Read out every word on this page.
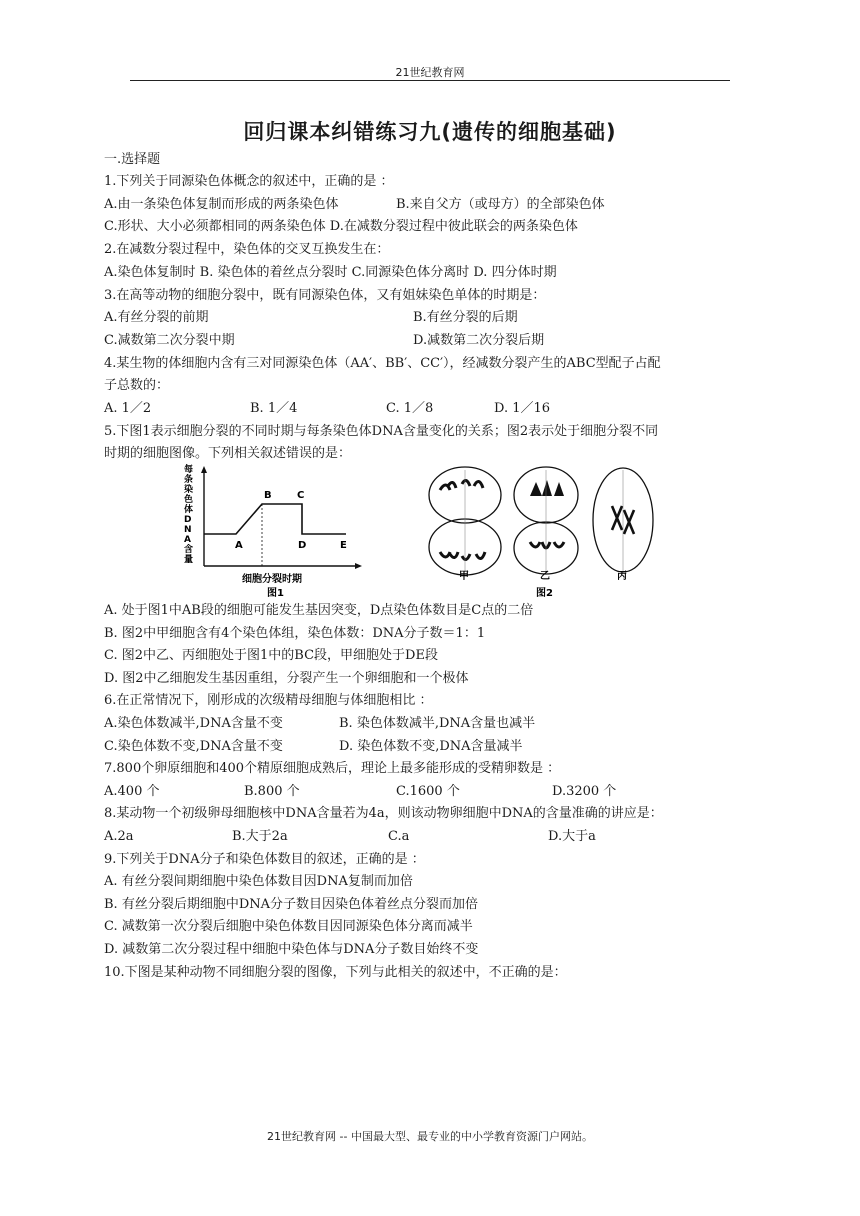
21世纪教育网
回归课本纠错练习九(遗传的细胞基础)
一.选择题
1.下列关于同源染色体概念的叙述中，正确的是 ：
A.由一条染色体复制而形成的两条染色体	B.来自父方（或母方）的全部染色体
C.形状、大小必须都相同的两条染色体 D.在减数分裂过程中彼此联会的两条染色体
2.在减数分裂过程中，染色体的交叉互换发生在：
A.染色体复制时 B. 染色体的着丝点分裂时 C.同源染色体分离时 D. 四分体时期
3.在高等动物的细胞分裂中，既有同源染色体，又有姐妹染色单体的时期是：
A.有丝分裂的前期	B.有丝分裂的后期
C.减数第二次分裂中期	D.减数第二次分裂后期
4.某生物的体细胞内含有三对同源染色体（AA′、BB′、CC′），经减数分裂产生的ABC型配子占配
子总数的：
A. 1／2	B. 1／4	C. 1／8	D. 1／16
5.下图1表示细胞分裂的不同时期与每条染色体DNA含量变化的关系；图2表示处于细胞分裂不同
时期的细胞图像。下列相关叙述错误的是：
每
条
染
色
体
D
N
A
含
量
A
B	C
D	E
细胞分裂时期
图1
甲	乙	丙
图2
A. 处于图1中AB段的细胞可能发生基因突变，D点染色体数目是C点的二倍
B. 图2中甲细胞含有4个染色体组，染色体数：DNA分子数＝1：1
C. 图2中乙、丙细胞处于图1中的BC段，甲细胞处于DE段
D. 图2中乙细胞发生基因重组，分裂产生一个卵细胞和一个极体
6.在正常情况下，刚形成的次级精母细胞与体细胞相比 ：
A.染色体数减半,DNA含量不变	B. 染色体数减半,DNA含量也减半
C.染色体数不变,DNA含量不变	D. 染色体数不变,DNA含量减半
7.800个卵原细胞和400个精原细胞成熟后，理论上最多能形成的受精卵数是 ：
A.400 个	B.800 个	C.1600 个	D.3200 个
8.某动物一个初级卵母细胞核中DNA含量若为4a，则该动物卵细胞中DNA的含量准确的讲应是：
A.2a	B.大于2a	C.a	D.大于a
9.下列关于DNA分子和染色体数目的叙述，正确的是 ：
A. 有丝分裂间期细胞中染色体数目因DNA复制而加倍
B. 有丝分裂后期细胞中DNA分子数目因染色体着丝点分裂而加倍
C. 减数第一次分裂后细胞中染色体数目因同源染色体分离而减半
D. 减数第二次分裂过程中细胞中染色体与DNA分子数目始终不变
10.下图是某种动物不同细胞分裂的图像，下列与此相关的叙述中，不正确的是：
21世纪教育网 -- 中国最大型、最专业的中小学教育资源门户网站。
